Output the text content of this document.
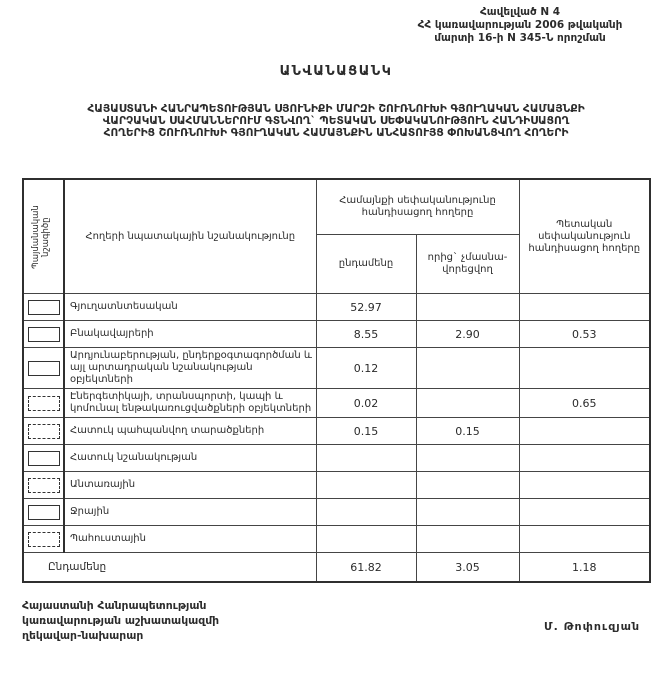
Հավելված N 4
ՀՀ կառավարության 2006 թվականի
մարտի 16-ի N 345-Ն որոշման
ԱՆՎԱՆԱՑԱՆԿ
ՀԱՅԱՍՏԱՆԻ ՀԱՆՐԱՊԵՏՈՒԹՅԱՆ ՍՅՈՒՆԻՔԻ ՄԱՐԶԻ ՇՈՒՌՆՈՒԽԻ ԳՅՈՒՂԱԿԱՆ ՀԱՄԱՅՆՔԻ
ՎԱՐՉԱԿԱՆ ՍԱՀՄԱՆՆԵՐՈՒՄ ԳՏՆՎՈՂ` ՊԵՏԱԿԱՆ ՍԵՓԱԿԱՆՈՒԹՅՈՒՆ ՀԱՆԴԻՍԱՑՈՂ
ՀՈՂԵՐԻՑ ՇՈՒՌՆՈՒԽԻ ԳՅՈՒՂԱԿԱՆ ՀԱՄԱՅՆՔԻՆ ԱՆՀԱՏՈՒՅՑ ՓՈԽԱՆՑՎՈՂ ՀՈՂԵՐԻ
Պայմանական նշագիծը	Հողերի նպատակային նշանակությունը	Համայնքի սեփականությունը հանդիսացող հողերը		Պետական սեփականություն հանդիսացող հողերը
		ընդամենը	որից` չմասնա-վորեցվող	

	Գյուղատնտեսական	52.97		

	Բնակավայրերի	8.55	2.90	0.53

	Արդյունաբերության, ընդերքօգտագործման և այլ արտադրական նշանակության օբյեկտների	0.12		

	Էներգետիկայի, տրանսպորտի, կապի և կոմունալ ենթակառուցվածքների օբյեկտների	0.02		0.65

	Հատուկ պահպանվող տարածքների	0.15	0.15	

	Հատուկ նշանակության			

	Անտառային			

	Ջրային			

	Պահուստային			
Ընդամենը		61.82	3.05	1.18
Հայաստանի Հանրապետության
կառավարության աշխատակազմի
ղեկավար-նախարար
Մ. Թոփուզյան
